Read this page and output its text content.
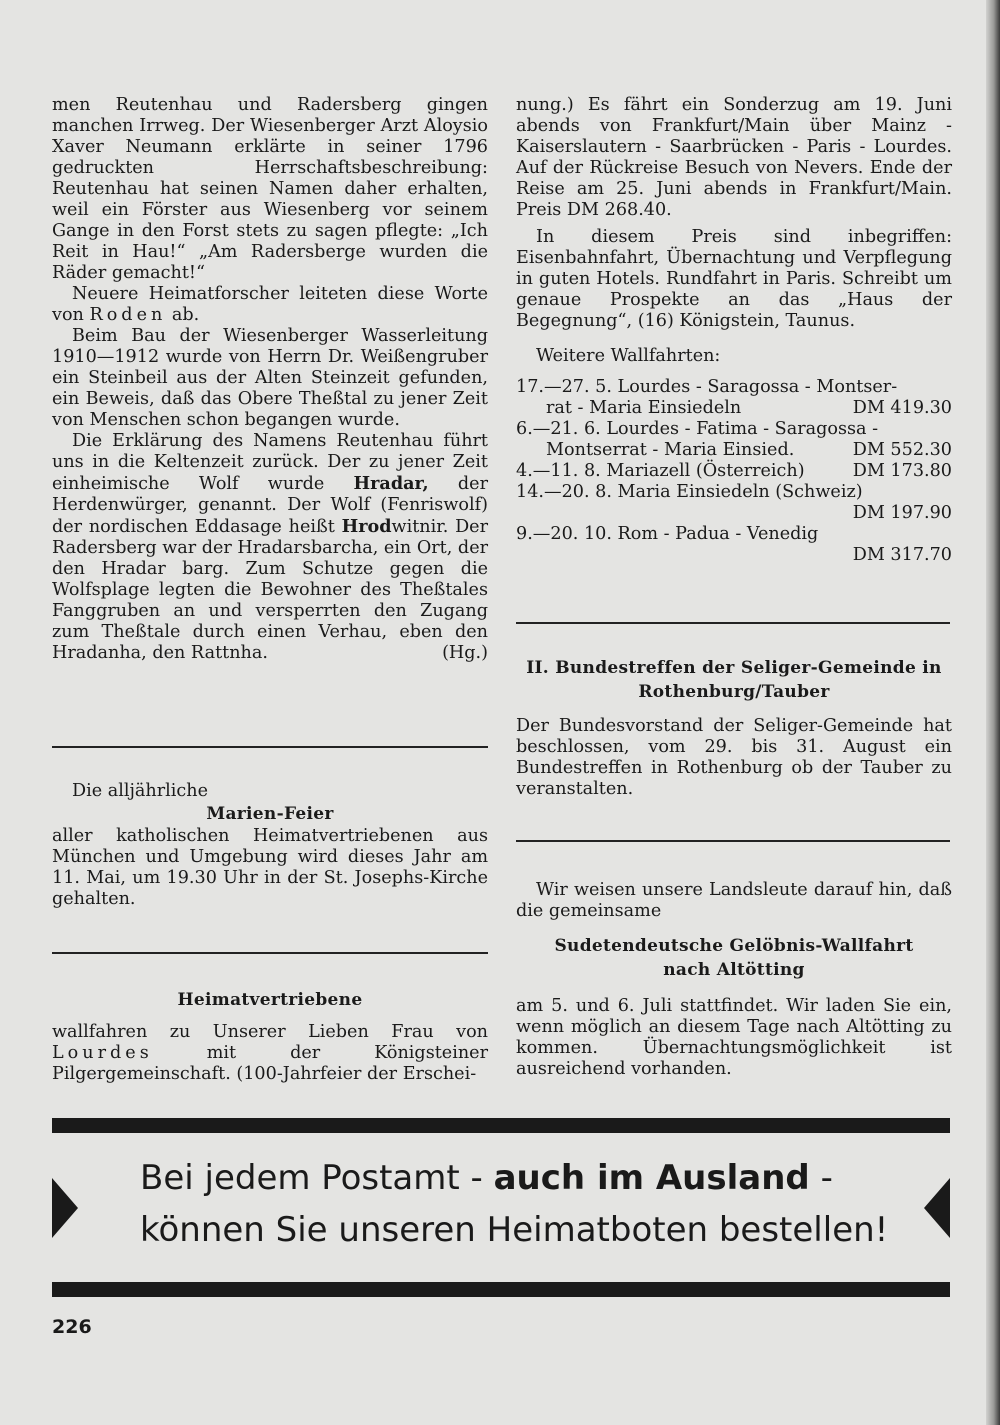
men Reutenhau und Radersberg gingen manchen Irrweg. Der Wiesenberger Arzt Aloysio Xaver Neumann erklärte in seiner 1796 gedruckten Herrschaftsbeschreibung: Reutenhau hat seinen Namen daher erhalten, weil ein Förster aus Wiesenberg vor seinem Gange in den Forst stets zu sagen pflegte: „Ich Reit in Hau!“ „Am Radersberge wurden die Räder gemacht!“

Neuere Heimatforscher leiteten diese Worte von Roden ab.

Beim Bau der Wiesenberger Wasserleitung 1910—1912 wurde von Herrn Dr. Weißengruber ein Steinbeil aus der Alten Steinzeit gefunden, ein Beweis, daß das Obere Theßtal zu jener Zeit von Menschen schon begangen wurde.

Die Erklärung des Namens Reutenhau führt uns in die Keltenzeit zurück. Der zu jener Zeit einheimische Wolf wurde Hradar, der Herdenwürger, genannt. Der Wolf (Fenriswolf) der nordischen Eddasage heißt Hrodwitnir. Der Radersberg war der Hradarsbarcha, ein Ort, der den Hradar barg. Zum Schutze gegen die Wolfsplage legten die Bewohner des Theßtales Fanggruben an und versperrten den Zugang zum Theßtale durch einen Verhau, eben den Hradanha, den Rattnha.	(Hg.)

Die alljährliche

Marien-Feier

aller katholischen Heimatvertriebenen aus München und Umgebung wird dieses Jahr am 11. Mai, um 19.30 Uhr in der St. Josephs-Kirche gehalten.

Heimatvertriebene

wallfahren zu Unserer Lieben Frau von Lourdes mit der Königsteiner Pilgergemeinschaft. (100-Jahrfeier der Erschei-

nung.) Es fährt ein Sonderzug am 19. Juni abends von Frankfurt/Main über Mainz - Kaiserslautern - Saarbrücken - Paris - Lourdes. Auf der Rückreise Besuch von Nevers. Ende der Reise am 25. Juni abends in Frankfurt/Main. Preis DM 268.40.

In diesem Preis sind inbegriffen: Eisenbahnfahrt, Übernachtung und Verpflegung in guten Hotels. Rundfahrt in Paris. Schreibt um genaue Prospekte an das „Haus der Begegnung“, (16) Königstein, Taunus.

Weitere Wallfahrten:

17.—27. 5. Lourdes - Saragossa - Montser-
rat - Maria Einsiedeln	DM 419.30
6.—21. 6. Lourdes - Fatima - Saragossa -
Montserrat - Maria Einsied.	DM 552.30
4.—11. 8. Mariazell (Österreich)	DM 173.80
14.—20. 8. Maria Einsiedeln (Schweiz)
DM 197.90
9.—20. 10. Rom - Padua - Venedig
DM 317.70
II. Bundestreffen der Seliger-Gemeinde in Rothenburg/Tauber

Der Bundesvorstand der Seliger-Gemeinde hat beschlossen, vom 29. bis 31. August ein Bundestreffen in Rothenburg ob der Tauber zu veranstalten.

Wir weisen unsere Landsleute darauf hin, daß die gemeinsame

Sudetendeutsche Gelöbnis-Wallfahrt nach Altötting

am 5. und 6. Juli stattfindet. Wir laden Sie ein, wenn möglich an diesem Tage nach Altötting zu kommen. Übernachtungsmöglichkeit ist ausreichend vorhanden.

Bei jedem Postamt - auch im Ausland -
können Sie unseren Heimatboten bestellen!
226
